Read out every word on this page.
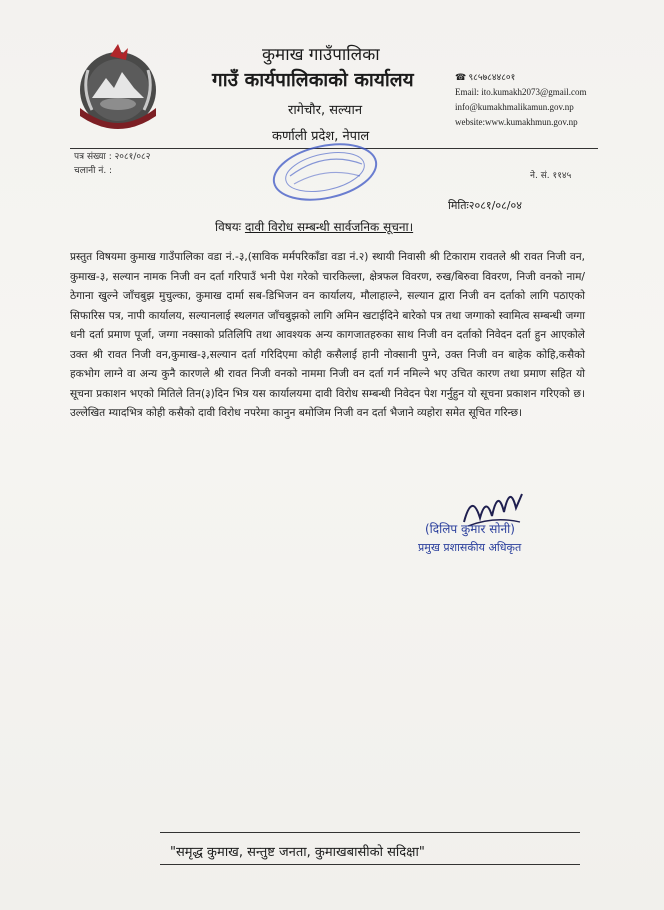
कुमाख गाउँपालिका
गाउँ कार्यपालिकाको कार्यालय
रागेचौर, सल्यान
कर्णाली प्रदेश, नेपाल
☎ ९८५७८४४८०१
Email: ito.kumakh2073@gmail.com
info@kumakhmalikamun.gov.np
website:www.kumakhmun.gov.np
पत्र संख्या : २०८१/०८२
चलानी नं. :	ने. सं. ११४५
मितिः२०८१/०८/०४
विषयः दावी विरोध सम्बन्धी सार्वजनिक सूचना।
प्रस्तुत विषयमा कुमाख गाउँपालिका वडा नं.-३,(साविक मर्मपरिकाँडा वडा नं.२) स्थायी निवासी श्री टिकाराम रावतले श्री रावत निजी वन, कुमाख-३, सल्यान नामक निजी वन दर्ता गरिपाउँ भनी पेश गरेको चारकिल्ला, क्षेत्रफल विवरण, रुख/बिरुवा विवरण, निजी वनको नाम/ठेगाना खुल्ने जाँचबुझ मुचुल्का, कुमाख दार्मा सब-डिभिजन वन कार्यालय, मौलाहाल्ने, सल्यान द्वारा निजी वन दर्ताको लागि पठाएको सिफारिस पत्र, नापी कार्यालय, सल्यानलाई स्थलगत जाँचबुझको लागि अमिन खटाईदिने बारेको पत्र तथा जग्गाको स्वामित्व सम्बन्धी जग्गा धनी दर्ता प्रमाण पूर्जा, जग्गा नक्साको प्रतिलिपि तथा आवश्यक अन्य कागजातहरुका साथ निजी वन दर्ताको निवेदन दर्ता हुन आएकोले उक्त श्री रावत निजी वन,कुमाख-३,सल्यान दर्ता गरिदिएमा कोही कसैलाई हानी नोक्सानी पुग्ने, उक्त निजी वन बाहेक कोहि,कसैको हकभोग लाग्ने वा अन्य कुनै कारणले श्री रावत निजी वनको नाममा निजी वन दर्ता गर्न नमिल्ने भए उचित कारण तथा प्रमाण सहित यो सूचना प्रकाशन भएको मितिले तिन(३)दिन भित्र यस कार्यालयमा दावी विरोध सम्बन्धी निवेदन पेश गर्नुहुन यो सूचना प्रकाशन गरिएको छ। उल्लेखित म्यादभित्र कोही कसैको दावी विरोध नपरेमा कानुन बमोजिम निजी वन दर्ता भैजाने व्यहोरा समेत सूचित गरिन्छ।
(दिलिप कुमार सोनी)
प्रमुख प्रशासकीय अधिकृत
"समृद्ध कुमाख, सन्तुष्ट जनता, कुमाखबासीको सदिक्षा"
